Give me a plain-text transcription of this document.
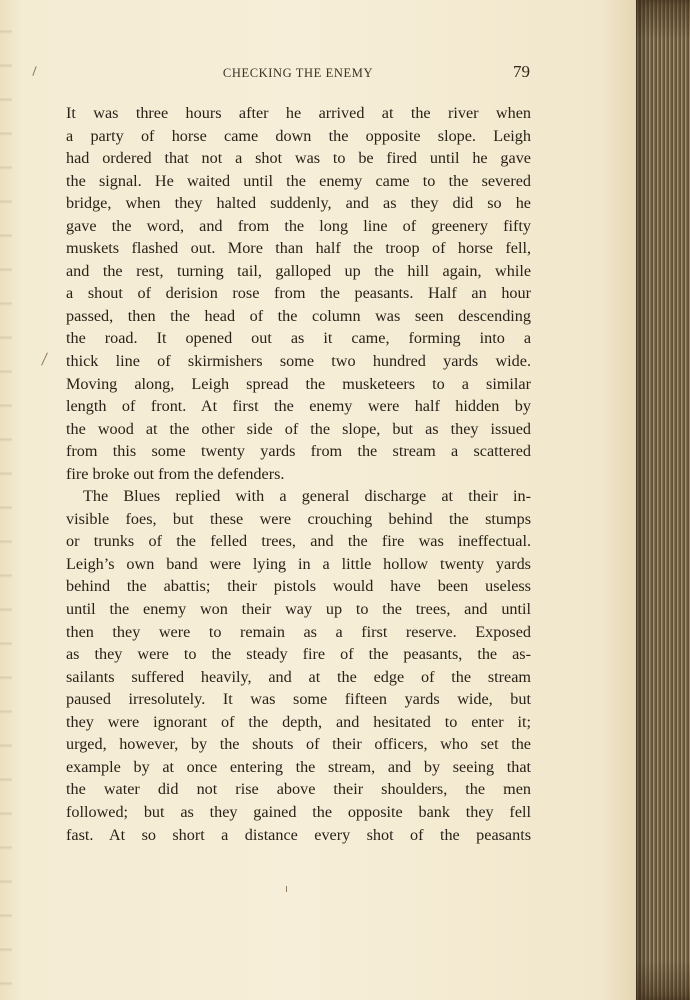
CHECKING THE ENEMY	79
It was three hours after he arrived at the river when
a party of horse came down the opposite slope. Leigh
had ordered that not a shot was to be fired until he gave
the signal. He waited until the enemy came to the severed
bridge, when they halted suddenly, and as they did so he
gave the word, and from the long line of greenery fifty
muskets flashed out. More than half the troop of horse fell,
and the rest, turning tail, galloped up the hill again, while
a shout of derision rose from the peasants. Half an hour
passed, then the head of the column was seen descending
the road. It opened out as it came, forming into a
thick line of skirmishers some two hundred yards wide.
Moving along, Leigh spread the musketeers to a similar
length of front. At first the enemy were half hidden by
the wood at the other side of the slope, but as they issued
from this some twenty yards from the stream a scattered
fire broke out from the defenders.
The Blues replied with a general discharge at their in-
visible foes, but these were crouching behind the stumps
or trunks of the felled trees, and the fire was ineffectual.
Leigh’s own band were lying in a little hollow twenty yards
behind the abattis; their pistols would have been useless
until the enemy won their way up to the trees, and until
then they were to remain as a first reserve. Exposed
as they were to the steady fire of the peasants, the as-
sailants suffered heavily, and at the edge of the stream
paused irresolutely. It was some fifteen yards wide, but
they were ignorant of the depth, and hesitated to enter it;
urged, however, by the shouts of their officers, who set the
example by at once entering the stream, and by seeing that
the water did not rise above their shoulders, the men
followed; but as they gained the opposite bank they fell
fast. At so short a distance every shot of the peasants
